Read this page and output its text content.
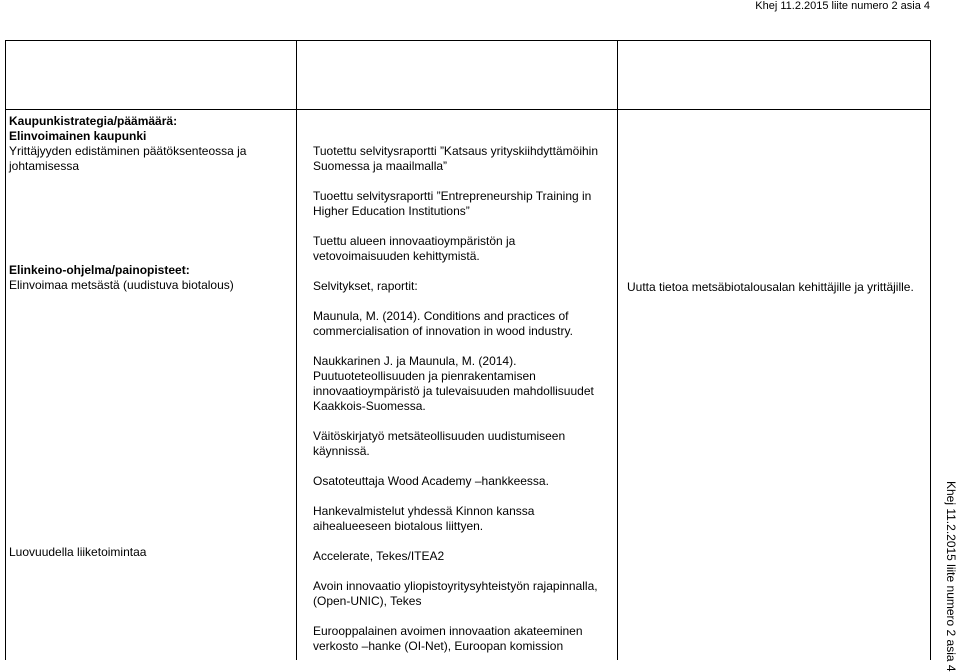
Khej 11.2.2015 liite numero 2 asia 4
Kaupunkistrategia/päämäärä:
Elinvoimainen kaupunki
Yrittäjyyden edistäminen päätöksenteossa ja johtamisessa
Elinkeino-ohjelma/painopisteet:
Elinvoimaa metsästä (uudistuva biotalous)
Luovuudella liiketoimintaa

Tuotettu selvitysraportti ”Katsaus yrityskiihdyttämöihin Suomessa ja maailmalla”

Tuoettu selvitysraportti ”Entrepreneurship Training in Higher Education Institutions”

Tuettu alueen innovaatioympäristön ja vetovoimaisuuden kehittymistä.

Selvitykset, raportit:

Maunula, M. (2014). Conditions and practices of commercialisation of innovation in wood industry.

Naukkarinen J. ja Maunula, M. (2014). Puutuoteteollisuuden ja pienrakentamisen innovaatioympäristö ja tulevaisuuden mahdollisuudet Kaakkois-Suomessa.

Väitöskirjatyö metsäteollisuuden uudistumiseen käynnissä.

Osatoteuttaja Wood Academy –hankkeessa.

Hankevalmistelut yhdessä Kinnon kanssa aihealueeseen biotalous liittyen.

Accelerate, Tekes/ITEA2

Avoin innovaatio yliopistoyritysyhteistyön rajapinnalla, (Open-UNIC), Tekes

Eurooppalainen avoimen innovaation akateeminen verkosto –hanke (OI-Net), Euroopan komission

Uutta tietoa metsäbiotalousalan kehittäjille ja yrittäjille.
Khej 11.2.2015 liite numero 2 asia 4
